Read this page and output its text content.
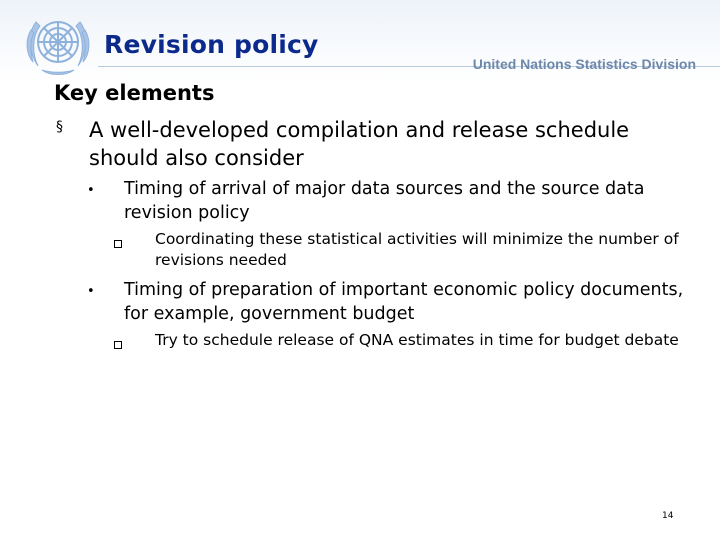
Revision policy
United Nations Statistics Division
Key elements
§ A well-developed compilation and release schedule should also consider
• Timing of arrival of major data sources and the source data revision policy
Coordinating these statistical activities will minimize the number of revisions needed
• Timing of preparation of important economic policy documents, for example, government budget
Try to schedule release of QNA estimates in time for budget debate
14
